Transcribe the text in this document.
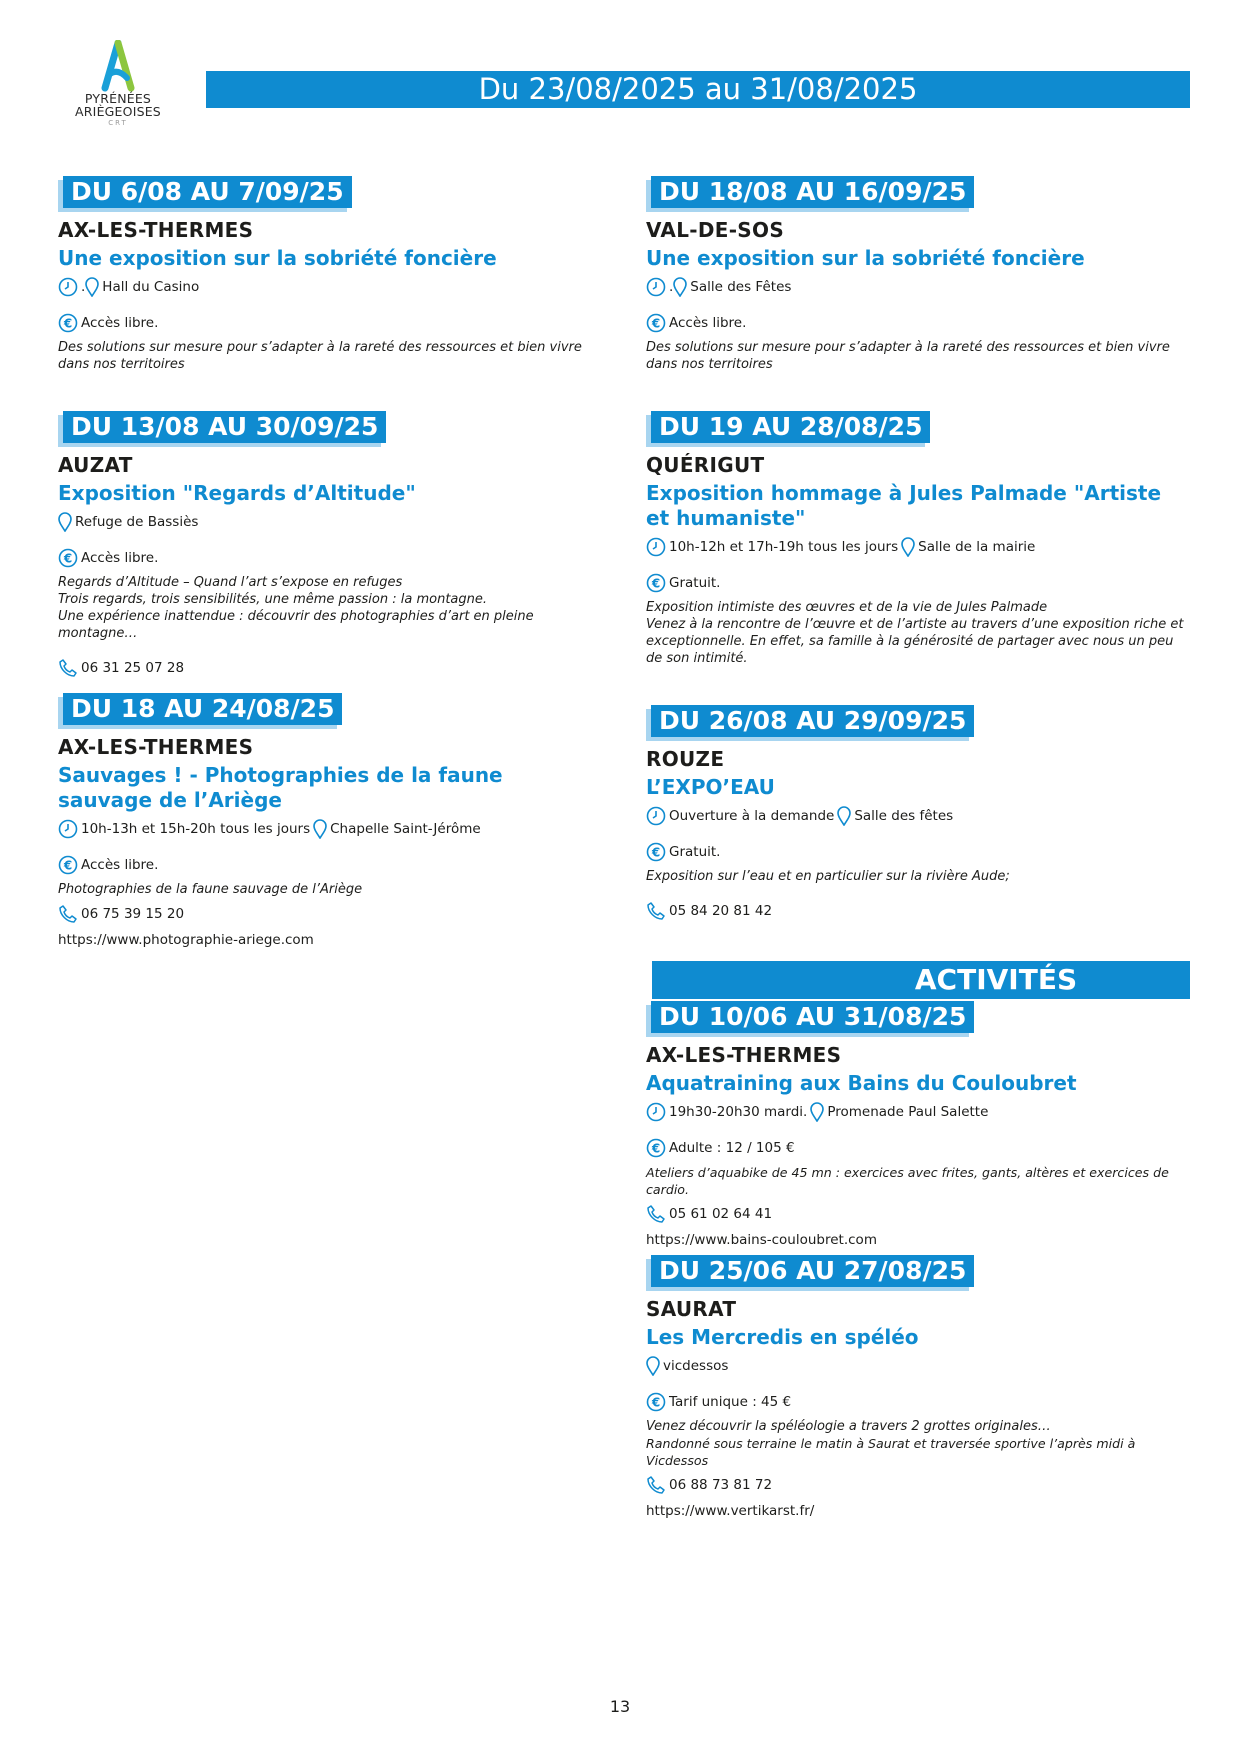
PYRÉNÉES
ARIÈGEOISES
CRT
Du 23/08/2025 au 31/08/2025
DU 6/08 AU 7/09/25
AX-LES-THERMES
Une exposition sur la sobriété foncière
. Hall du Casino
€ Accès libre.

Des solutions sur mesure pour s’adapter à la rareté des ressources et bien vivre dans nos territoires

DU 13/08 AU 30/09/25
AUZAT
Exposition "Regards d’Altitude"
Refuge de Bassiès
€ Accès libre.

Regards d’Altitude – Quand l’art s’expose en refuges

Trois regards, trois sensibilités, une même passion : la montagne.

Une expérience inattendue : découvrir des photographies d’art en pleine montagne…

06 31 25 07 28
DU 18 AU 24/08/25
AX-LES-THERMES
Sauvages ! - Photographies de la faune sauvage de l’Ariège
10h-13h et 15h-20h tous les jours Chapelle Saint-Jérôme
€ Accès libre.

Photographies de la faune sauvage de l’Ariège

06 75 39 15 20
https://www.photographie-ariege.com
DU 18/08 AU 16/09/25
VAL-DE-SOS
Une exposition sur la sobriété foncière
. Salle des Fêtes
€ Accès libre.

Des solutions sur mesure pour s’adapter à la rareté des ressources et bien vivre dans nos territoires

DU 19 AU 28/08/25
QUÉRIGUT
Exposition hommage à Jules Palmade "Artiste et humaniste"
10h-12h et 17h-19h tous les jours Salle de la mairie
€ Gratuit.

Exposition intimiste des œuvres et de la vie de Jules Palmade

Venez à la rencontre de l’œuvre et de l’artiste au travers d’une exposition riche et exceptionnelle. En effet, sa famille à la générosité de partager avec nous un peu de son intimité.

DU 26/08 AU 29/09/25
ROUZE
L’EXPO’EAU
Ouverture à la demande Salle des fêtes
€ Gratuit.

Exposition sur l’eau et en particulier sur la rivière Aude;

05 84 20 81 42
DU 10/06 AU 31/08/25
AX-LES-THERMES
Aquatraining aux Bains du Couloubret
19h30-20h30 mardi. Promenade Paul Salette
€ Adulte : 12 / 105 €

Ateliers d’aquabike de 45 mn : exercices avec frites, gants, altères et exercices de cardio.

05 61 02 64 41
https://www.bains-couloubret.com
DU 25/06 AU 27/08/25
SAURAT
Les Mercredis en spéléo
vicdessos
€ Tarif unique : 45 €

Venez découvrir la spéléologie a travers 2 grottes originales…

Randonné sous terraine le matin à Saurat et traversée sportive l’après midi à Vicdessos

06 88 73 81 72
https://www.vertikarst.fr/
ACTIVITÉS
13
